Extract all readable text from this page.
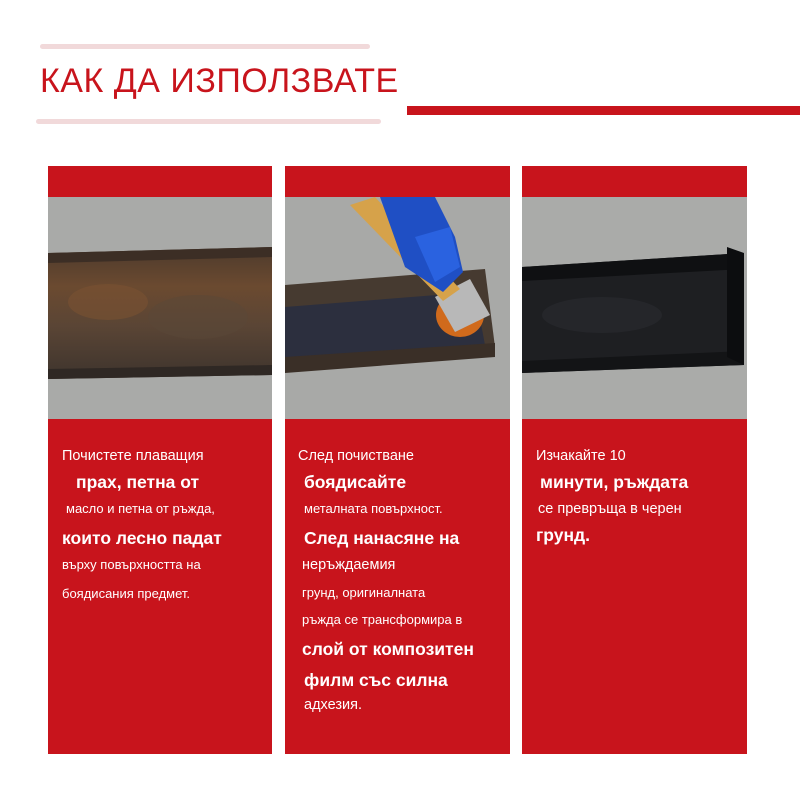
КАК ДА ИЗПОЛЗВАТЕ
Почистете плаващия
прах, петна от
масло и петна от ръжда,
които лесно падат
върху повърхността на
боядисания предмет.
След почистване
боядисайте
металната повърхност.
След нанасяне на
неръждаемия
грунд, оригиналната
ръжда се трансформира в
слой от композитен
филм със силна
адхезия.
Изчакайте 10
минути, ръждата
се превръща в черен
грунд.
